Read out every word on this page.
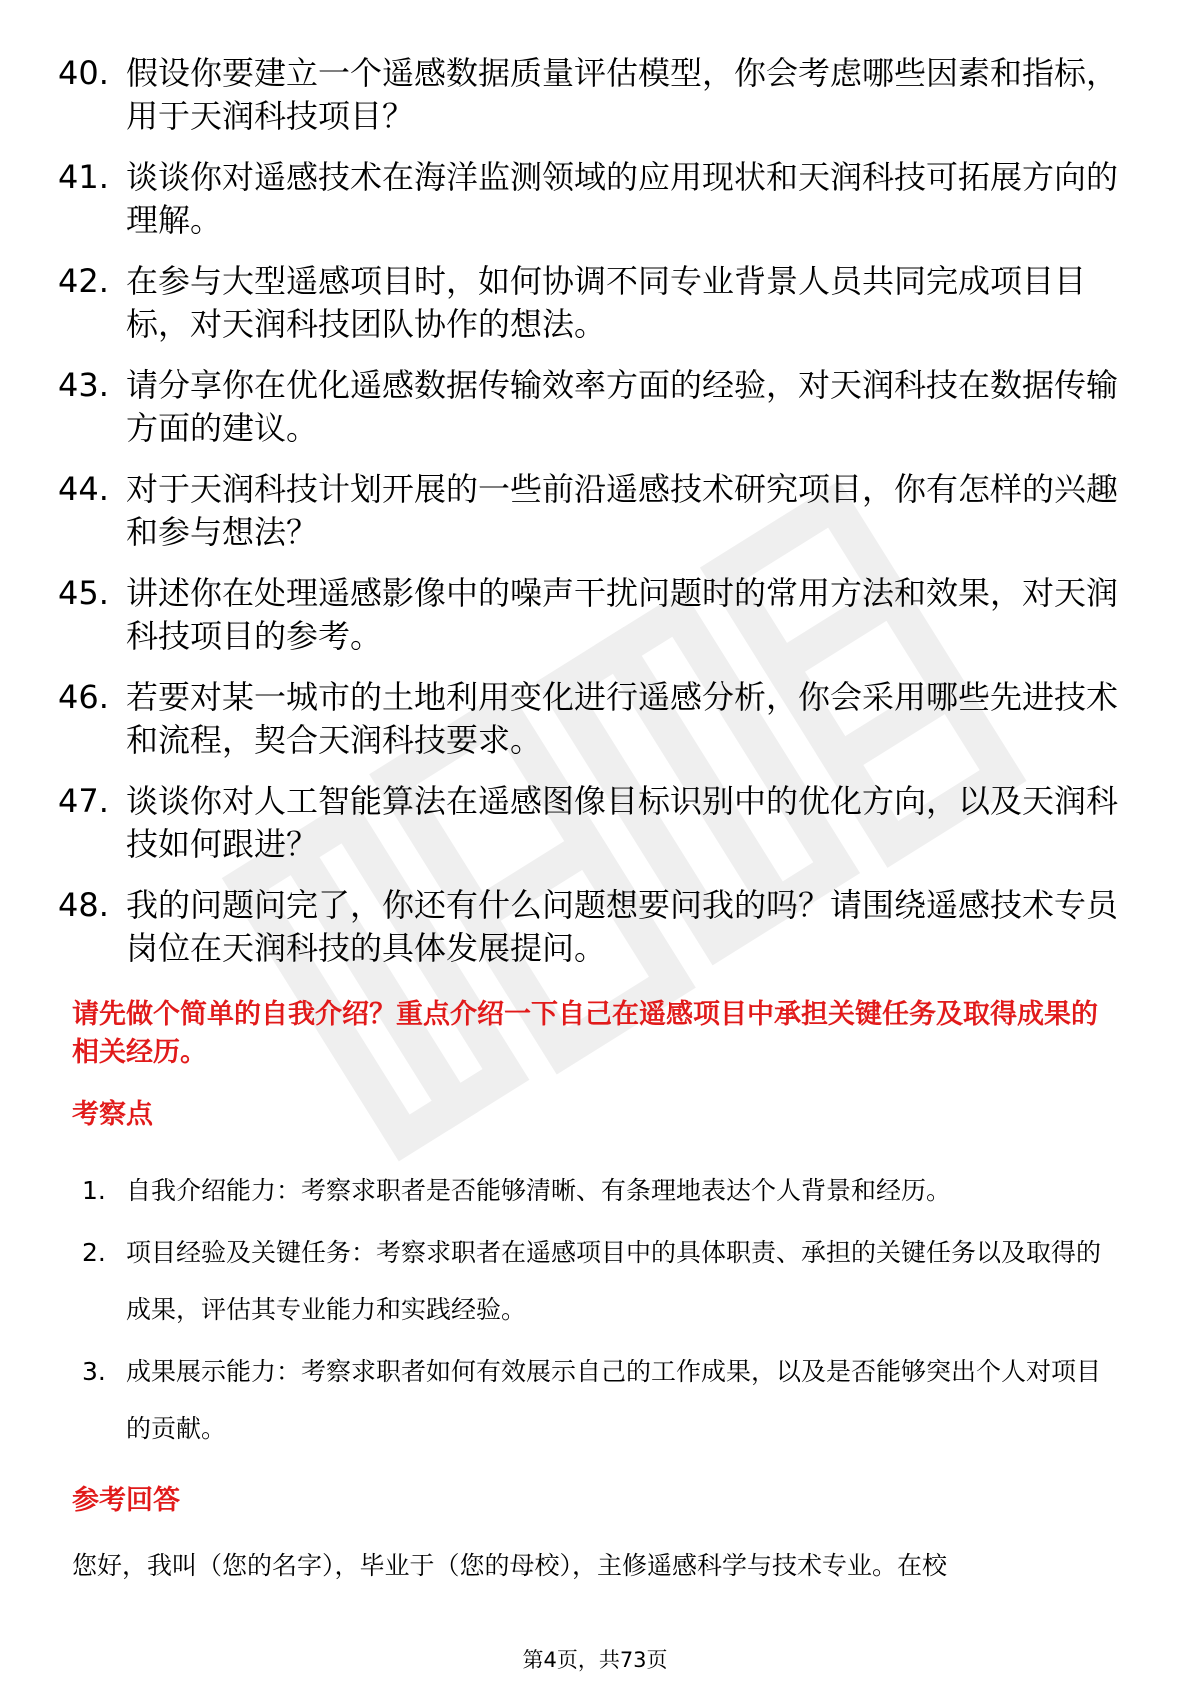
40. 假设你要建立一个遥感数据质量评估模型，你会考虑哪些因素和指标，用于天润科技项目？
41. 谈谈你对遥感技术在海洋监测领域的应用现状和天润科技可拓展方向的理解。
42. 在参与大型遥感项目时，如何协调不同专业背景人员共同完成项目目标，对天润科技团队协作的想法。
43. 请分享你在优化遥感数据传输效率方面的经验，对天润科技在数据传输方面的建议。
44. 对于天润科技计划开展的一些前沿遥感技术研究项目，你有怎样的兴趣和参与想法？
45. 讲述你在处理遥感影像中的噪声干扰问题时的常用方法和效果，对天润科技项目的参考。
46. 若要对某一城市的土地利用变化进行遥感分析，你会采用哪些先进技术和流程，契合天润科技要求。
47. 谈谈你对人工智能算法在遥感图像目标识别中的优化方向，以及天润科技如何跟进？
48. 我的问题问完了，你还有什么问题想要问我的吗？请围绕遥感技术专员岗位在天润科技的具体发展提问。

请先做个简单的自我介绍？重点介绍一下自己在遥感项目中承担关键任务及取得成果的相关经历。

考察点
1. 自我介绍能力：考察求职者是否能够清晰、有条理地表达个人背景和经历。
2. 项目经验及关键任务：考察求职者在遥感项目中的具体职责、承担的关键任务以及取得的成果，评估其专业能力和实践经验。
3. 成果展示能力：考察求职者如何有效展示自己的工作成果，以及是否能够突出个人对项目的贡献。
参考回答

您好，我叫（您的名字），毕业于（您的母校），主修遥感科学与技术专业。在校

第4页，共73页
